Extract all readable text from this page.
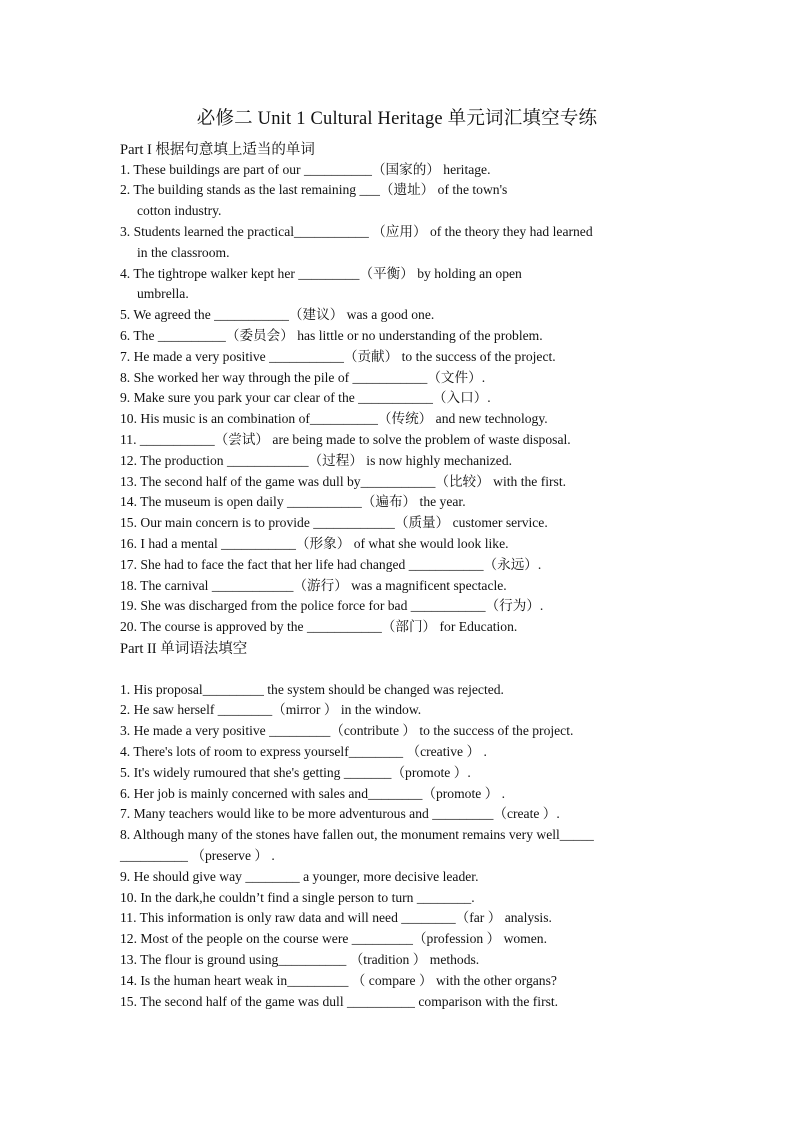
必修二 Unit 1 Cultural Heritage 单元词汇填空专练
Part I 根据句意填上适当的单词
1. These buildings are part of our __________（国家的） heritage.
2. The building stands as the last remaining ___（遗址） of the town's
cotton industry.
3. Students learned the practical___________ （应用） of the theory they had learned
in the classroom.
4. The tightrope walker kept her _________（平衡） by holding an open
umbrella.
5. We agreed the ___________（建议） was a good one.
6. The __________（委员会） has little or no understanding of the problem.
7. He made a very positive ___________（贡献） to the success of the project.
8. She worked her way through the pile of ___________（文件）.
9. Make sure you park your car clear of the ___________（入口）.
10. His music is an combination of__________（传统） and new technology.
11. ___________（尝试） are being made to solve the problem of waste disposal.
12. The production ____________（过程） is now highly mechanized.
13. The second half of the game was dull by___________（比较） with the first.
14. The museum is open daily ___________（遍布） the year.
15. Our main concern is to provide ____________（质量） customer service.
16. I had a mental ___________（形象） of what she would look like.
17. She had to face the fact that her life had changed ___________（永远）.
18. The carnival ____________（游行） was a magnificent spectacle.
19. She was discharged from the police force for bad ___________（行为）.
20. The course is approved by the ___________（部门） for Education.
Part II 单词语法填空
1. His proposal_________ the system should be changed was rejected.
2. He saw herself ________（mirror ） in the window.
3. He made a very positive _________（contribute ） to the success of the project.
4. There's lots of room to express yourself________ （creative ） .
5. It's widely rumoured that she's getting _______（promote ）.
6. Her job is mainly concerned with sales and________（promote ） .
7. Many teachers would like to be more adventurous and _________（create ）.
8. Although many of the stones have fallen out, the monument remains very well_____
__________ （preserve ） .
9. He should give way ________ a younger, more decisive leader.
10. In the dark,he couldn’t find a single person to turn ________.
11. This information is only raw data and will need ________（far ） analysis.
12. Most of the people on the course were _________（profession ） women.
13. The flour is ground using__________ （tradition ） methods.
14. Is the human heart weak in_________ （ compare ） with the other organs?
15. The second half of the game was dull __________ comparison with the first.
